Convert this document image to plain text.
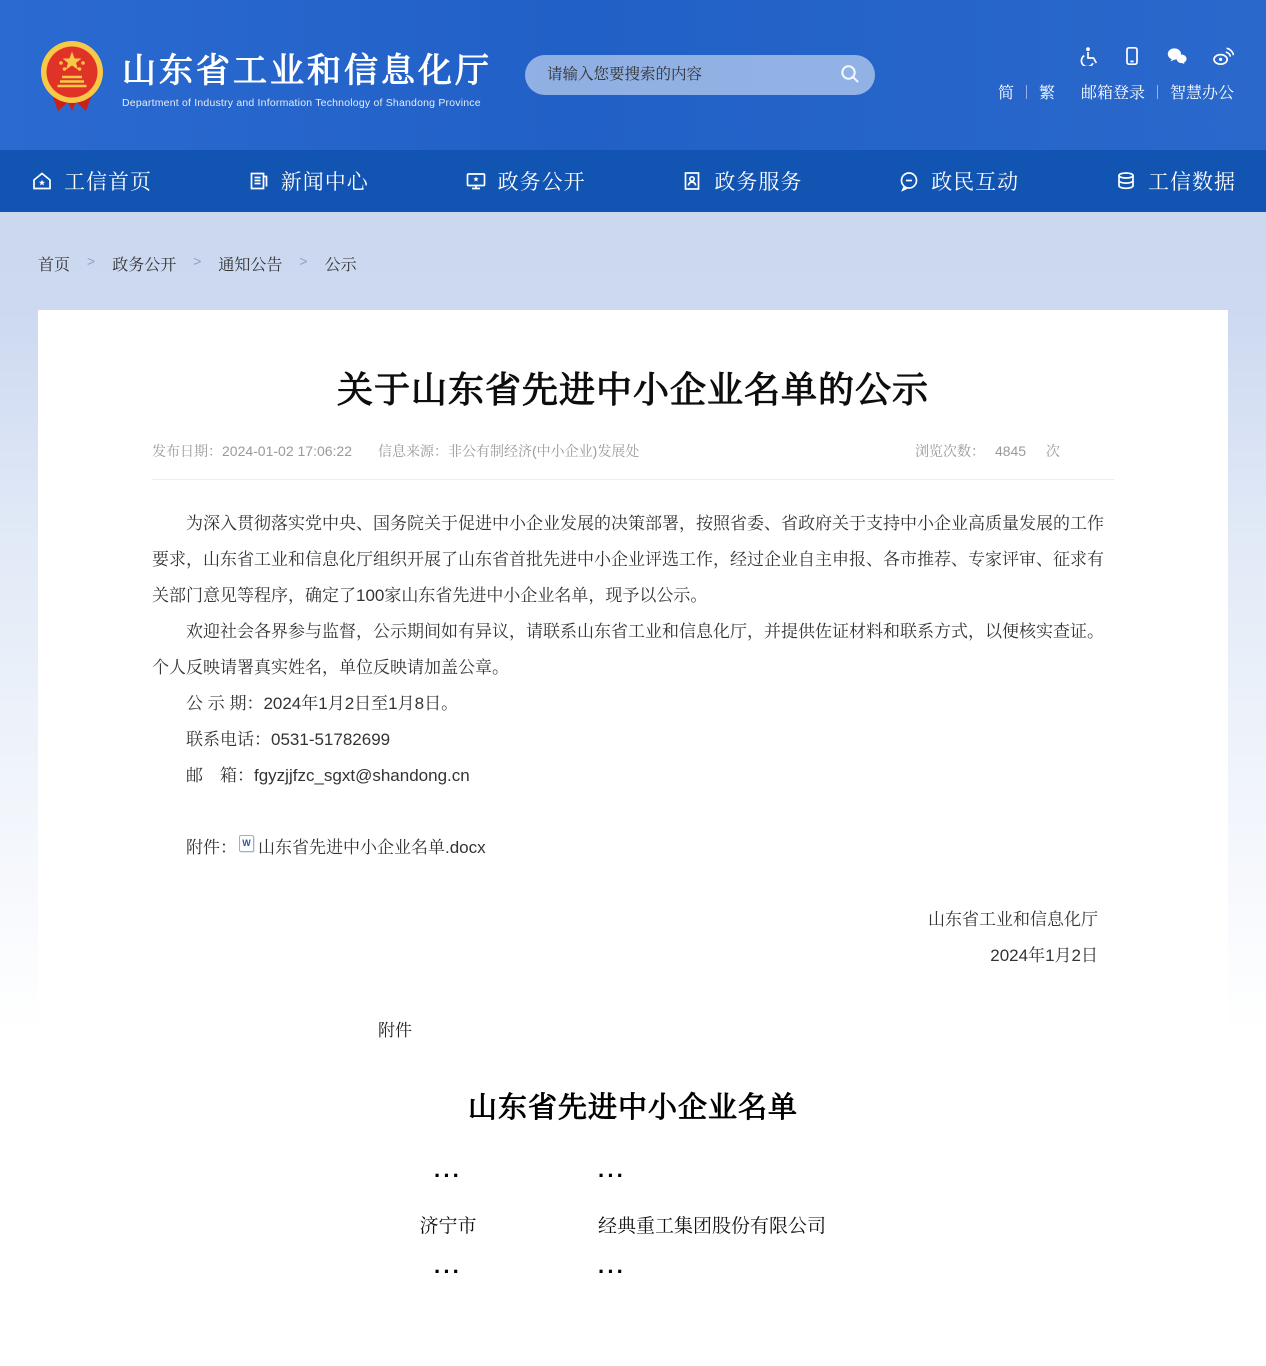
山东省工业和信息化厅
Department of Industry and Information Technology of Shandong Province
请输入您要搜索的内容
简 繁 邮箱登录 智慧办公
工信首页	新闻中心	政务公开	政务服务	政民互动	工信数据
首页 > 政务公开 > 通知公告 > 公示
关于山东省先进中小企业名单的公示
发布日期： 2024-01-02 17:06:22 信息来源： 非公有制经济(中小企业)发展处	浏览次数： 4845 次

为深入贯彻落实党中央、国务院关于促进中小企业发展的决策部署，按照省委、省政府关于支持中小企业高质量发展的工作要求，山东省工业和信息化厅组织开展了山东省首批先进中小企业评选工作，经过企业自主申报、各市推荐、专家评审、征求有关部门意见等程序，确定了100家山东省先进中小企业名单，现予以公示。

欢迎社会各界参与监督，公示期间如有异议，请联系山东省工业和信息化厅，并提供佐证材料和联系方式，以便核实查证。个人反映请署真实姓名，单位反映请加盖公章。

公 示 期：2024年1月2日至1月8日。

联系电话：0531-51782699

邮　箱：fgyzjjfzc_sgxt@shandong.cn

附件： W 山东省先进中小企业名单.docx
山东省工业和信息化厅
2024年1月2日
附件
山东省先进中小企业名单
···	···
济宁市	经典重工集团股份有限公司
···	···
